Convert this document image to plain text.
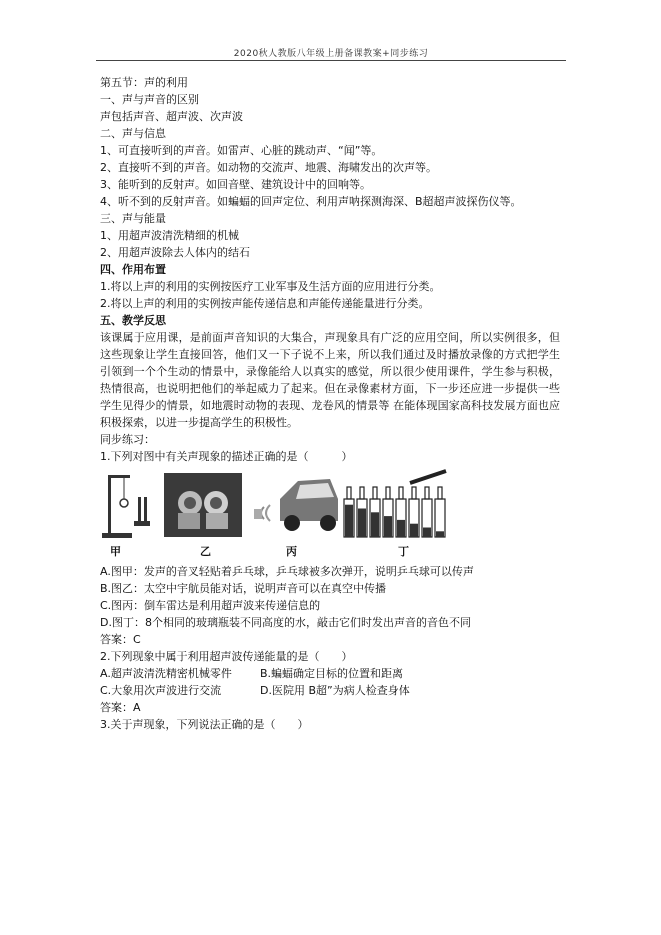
2020秋人教版八年级上册备课教案+同步练习
第五节：声的利用
一、声与声音的区别
声包括声音、超声波、次声波
二、声与信息
1、可直接听到的声音。如雷声、心脏的跳动声、“闻”等。
2、直接听不到的声音。如动物的交流声、地震、海啸发出的次声等。
3、能听到的反射声。如回音壁、建筑设计中的回响等。
4、听不到的反射声音。如蝙蝠的回声定位、利用声呐探测海深、B超超声波探伤仪等。
三、声与能量
1、用超声波清洗精细的机械
2、用超声波除去人体内的结石
四、作用布置
1.将以上声的利用的实例按医疗工业军事及生活方面的应用进行分类。
2.将以上声的利用的实例按声能传递信息和声能传递能量进行分类。
五、教学反思
该课属于应用课，是前面声音知识的大集合，声现象具有广泛的应用空间，所以实例很多，但这些现象让学生直接回答，他们又一下子说不上来，所以我们通过及时播放录像的方式把学生引领到一个个生动的情景中，录像能给人以真实的感觉，所以很少使用课件，学生参与积极，热情很高，也说明把他们的举起威力了起来。但在录像素材方面，下一步还应进一步提供一些学生见得少的情景，如地震时动物的表现、龙卷风的情景等 在能体现国家高科技发展方面也应积极探索，以进一步提高学生的积极性。
同步练习：
1.下列对图中有关声现象的描述正确的是（　　　）
甲	乙	丙	丁
A.图甲：发声的音叉轻贴着乒乓球，乒乓球被多次弹开，说明乒乓球可以传声
B.图乙：太空中宇航员能对话，说明声音可以在真空中传播
C.图丙：倒车雷达是利用超声波来传递信息的
D.图丁：8个相同的玻璃瓶装不同高度的水，敲击它们时发出声音的音色不同
答案：C
2.下列现象中属于利用超声波传递能量的是（　　）
A.超声波清洗精密机械零件	B.蝙蝠确定目标的位置和距离
C.大象用次声波进行交流	D.医院用 B超”为病人检查身体
答案：A
3.关于声现象，下列说法正确的是（　　）
